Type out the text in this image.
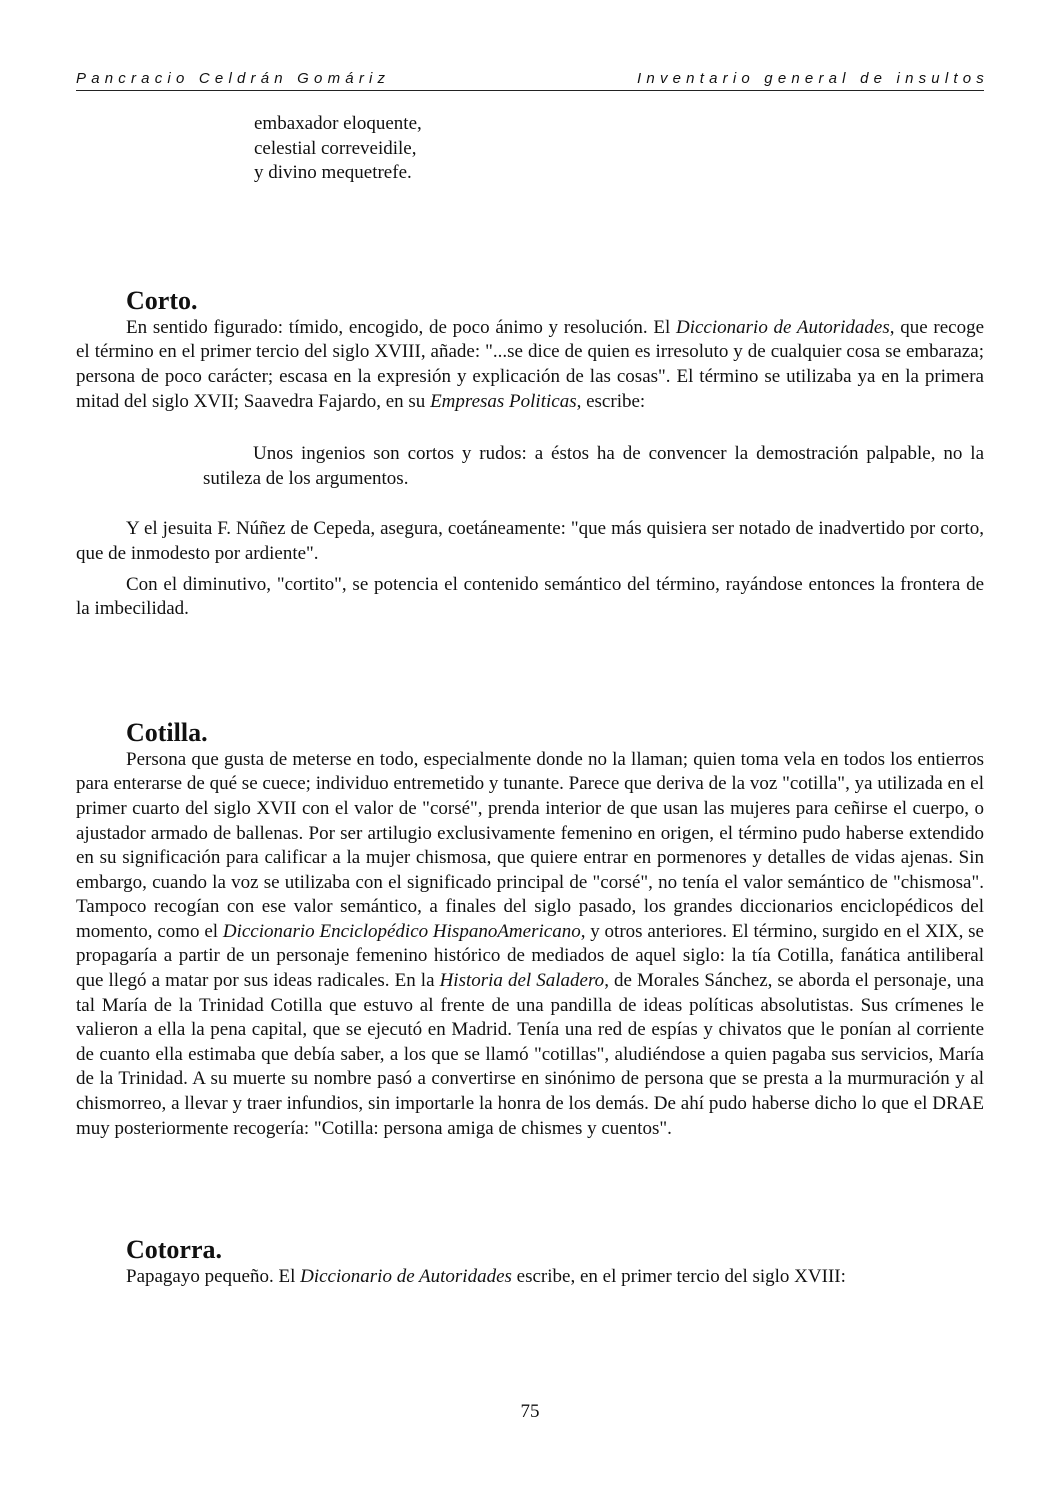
Pancracio Celdrán Gomáriz	Inventario general de insultos
embaxador eloquente,
celestial correveidile,
y divino mequetrefe.
Corto.

En sentido figurado: tímido, encogido, de poco ánimo y resolución. El Diccionario de Autoridades, que recoge el término en el primer tercio del siglo XVIII, añade: "...se dice de quien es irresoluto y de cualquier cosa se embaraza; persona de poco carácter; escasa en la expresión y explicación de las cosas". El término se utilizaba ya en la primera mitad del siglo XVII; Saavedra Fajardo, en su Empresas Politicas, escribe:

Unos ingenios son cortos y rudos: a éstos ha de convencer la demostración palpable, no la sutileza de los argumentos.

Y el jesuita F. Núñez de Cepeda, asegura, coetáneamente: "que más quisiera ser notado de inadvertido por corto, que de inmodesto por ardiente".

Con el diminutivo, "cortito", se potencia el contenido semántico del término, rayándose entonces la frontera de la imbecilidad.

Cotilla.

Persona que gusta de meterse en todo, especialmente donde no la llaman; quien toma vela en todos los entierros para enterarse de qué se cuece; individuo entremetido y tunante. Parece que deriva de la voz "cotilla", ya utilizada en el primer cuarto del siglo XVII con el valor de "corsé", prenda interior de que usan las mujeres para ceñirse el cuerpo, o ajustador armado de ballenas. Por ser artilugio exclusivamente femenino en origen, el término pudo haberse extendido en su significación para calificar a la mujer chismosa, que quiere entrar en pormenores y detalles de vidas ajenas. Sin embargo, cuando la voz se utilizaba con el significado principal de "corsé", no tenía el valor semántico de "chismosa". Tampoco recogían con ese valor semántico, a finales del siglo pasado, los grandes diccionarios enciclopédicos del momento, como el Diccionario Enciclopédico HispanoAmericano, y otros anteriores. El término, surgido en el XIX, se propagaría a partir de un personaje femenino histórico de mediados de aquel siglo: la tía Cotilla, fanática antiliberal que llegó a matar por sus ideas radicales. En la Historia del Saladero, de Morales Sánchez, se aborda el personaje, una tal María de la Trinidad Cotilla que estuvo al frente de una pandilla de ideas políticas absolutistas. Sus crímenes le valieron a ella la pena capital, que se ejecutó en Madrid. Tenía una red de espías y chivatos que le ponían al corriente de cuanto ella estimaba que debía saber, a los que se llamó "cotillas", aludiéndose a quien pagaba sus servicios, María de la Trinidad. A su muerte su nombre pasó a convertirse en sinónimo de persona que se presta a la murmuración y al chismorreo, a llevar y traer infundios, sin importarle la honra de los demás. De ahí pudo haberse dicho lo que el DRAE muy posteriormente recogería: "Cotilla: persona amiga de chismes y cuentos".

Cotorra.

Papagayo pequeño. El Diccionario de Autoridades escribe, en el primer tercio del siglo XVIII:

75
